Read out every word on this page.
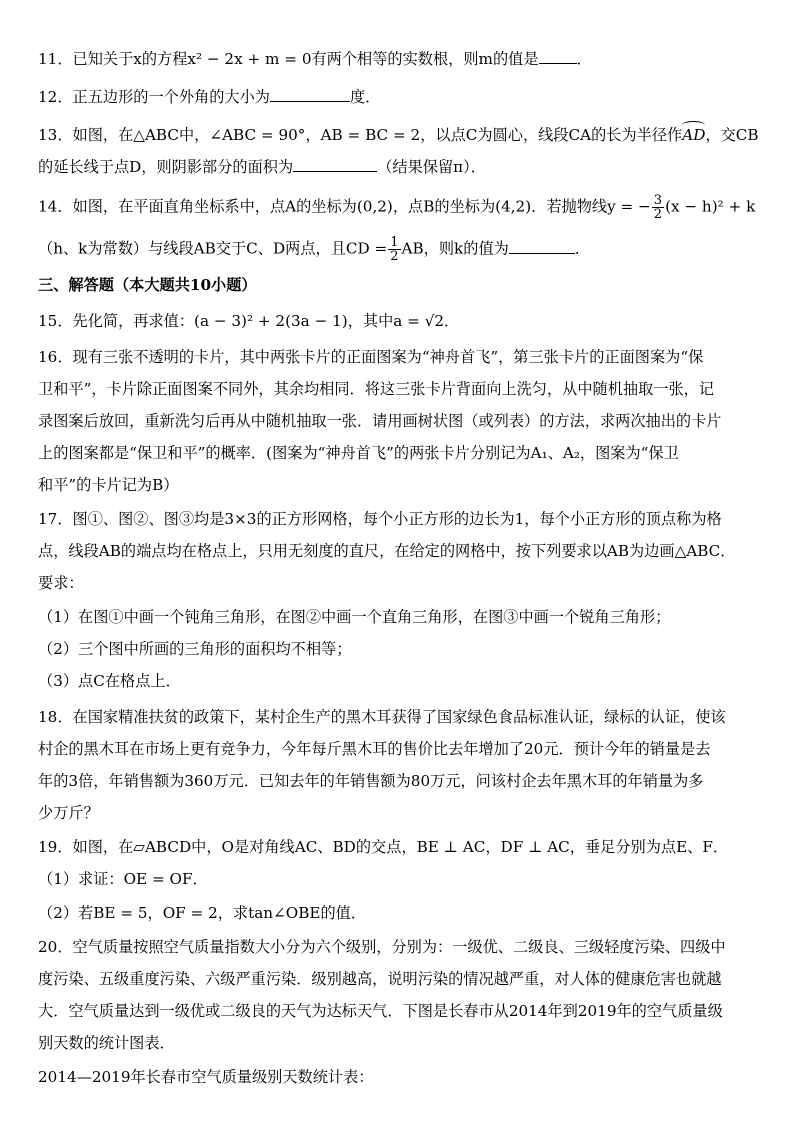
11．已知关于x的方程x² − 2x + m = 0有两个相等的实数根，则m的值是	．
12．正五边形的一个外角的大小为	度．
13．如图，在△ABC中，∠ABC = 90°，AB = BC = 2，以点C为圆心，线段CA的长为半径作AD，交CB
的延长线于点D，则阴影部分的面积为	（结果保留π）．
14．如图，在平面直角坐标系中，点A的坐标为(0,2)，点B的坐标为(4,2)．若抛物线y = − $\frac{3}{2} (x - h)^2 + k$
（h、k为常数）与线段AB交于C、D两点，且CD = $\frac{1}{2}$ AB，则k的值为	．
三、解答题（本大题共10小题）
15．先化简，再求值：(a − 3)² + 2(3a − 1)，其中a = √2．
16．现有三张不透明的卡片，其中两张卡片的正面图案为“神舟首飞”，第三张卡片的正面图案为“保
卫和平”，卡片除正面图案不同外，其余均相同．将这三张卡片背面向上洗匀，从中随机抽取一张，记
录图案后放回，重新洗匀后再从中随机抽取一张．请用画树状图（或列表）的方法，求两次抽出的卡片
上的图案都是“保卫和平”的概率．(图案为“神舟首飞”的两张卡片分别记为A₁、A₂，图案为“保卫
和平”的卡片记为B）
17．图①、图②、图③均是3×3的正方形网格，每个小正方形的边长为1，每个小正方形的顶点称为格
点，线段AB的端点均在格点上，只用无刻度的直尺，在给定的网格中，按下列要求以AB为边画△ABC．
要求：
（1）在图①中画一个钝角三角形，在图②中画一个直角三角形，在图③中画一个锐角三角形；
（2）三个图中所画的三角形的面积均不相等；
（3）点C在格点上．
18．在国家精准扶贫的政策下，某村企生产的黑木耳获得了国家绿色食品标准认证，绿标的认证，使该
村企的黑木耳在市场上更有竞争力，今年每斤黑木耳的售价比去年增加了20元．预计今年的销量是去
年的3倍，年销售额为360万元．已知去年的年销售额为80万元，问该村企去年黑木耳的年销量为多
少万斤？
19．如图，在▱ABCD中，O是对角线AC、BD的交点，BE ⊥ AC，DF ⊥ AC，垂足分别为点E、F．
（1）求证：OE = OF．
（2）若BE = 5，OF = 2，求tan∠OBE的值．
20．空气质量按照空气质量指数大小分为六个级别，分别为：一级优、二级良、三级轻度污染、四级中
度污染、五级重度污染、六级严重污染．级别越高，说明污染的情况越严重，对人体的健康危害也就越
大．空气质量达到一级优或二级良的天气为达标天气．下图是长春市从2014年到2019年的空气质量级
别天数的统计图表．
2014—2019年长春市空气质量级别天数统计表：
